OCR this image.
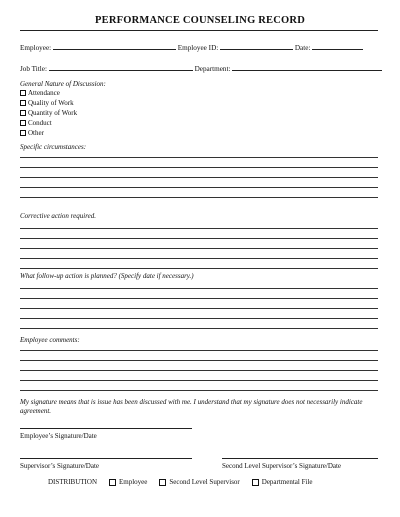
PERFORMANCE COUNSELING RECORD
Employee:	Employee ID:	Date:
Job Title:	Department:
General Nature of Discussion:
Attendance
Quality of Work
Quantity of Work
Conduct
Other
Specific circumstances:
Corrective action required.
What follow-up action is planned? (Specify date if necessary.)
Employee comments:
My signature means that is issue has been discussed with me. I understand that my signature does not necessarily indicate agreement.
Employee’s Signature/Date
Supervisor’s Signature/Date	Second Level Supervisor’s Signature/Date
DISTRIBUTION	Employee	Second Level Supervisor	Departmental File
